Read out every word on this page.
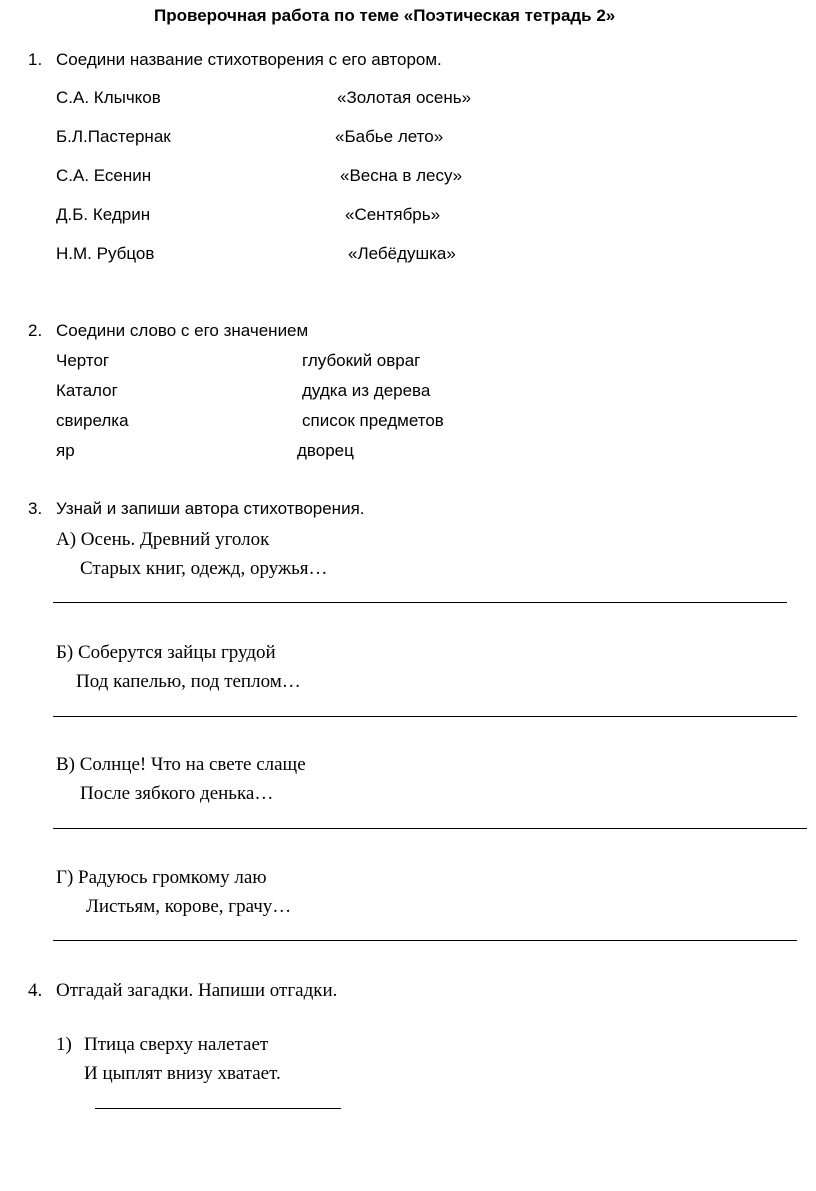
Проверочная работа по теме «Поэтическая тетрадь 2»
1. Соедини название стихотворения с его автором.
С.А. Клычков
Б.Л.Пастернак
С.А. Есенин
Д.Б. Кедрин
Н.М. Рубцов
«Золотая осень»
«Бабье лето»
«Весна в лесу»
«Сентябрь»
«Лебёдушка»
2. Соедини слово с его значением
Чертог
Каталог
свирелка
яр
глубокий овраг
дудка из дерева
список предметов
дворец
3. Узнай и запиши автора стихотворения.
А) Осень. Древний уголок
Старых книг, одежд, оружья…
Б) Соберутся зайцы грудой
Под капелью, под теплом…
В) Солнце! Что на свете слаще
После зябкого денька…
Г) Радуюсь громкому лаю
Листьям, корове, грачу…
4. Отгадай загадки. Напиши отгадки.
1) Птица сверху налетает
И цыплят внизу хватает.
